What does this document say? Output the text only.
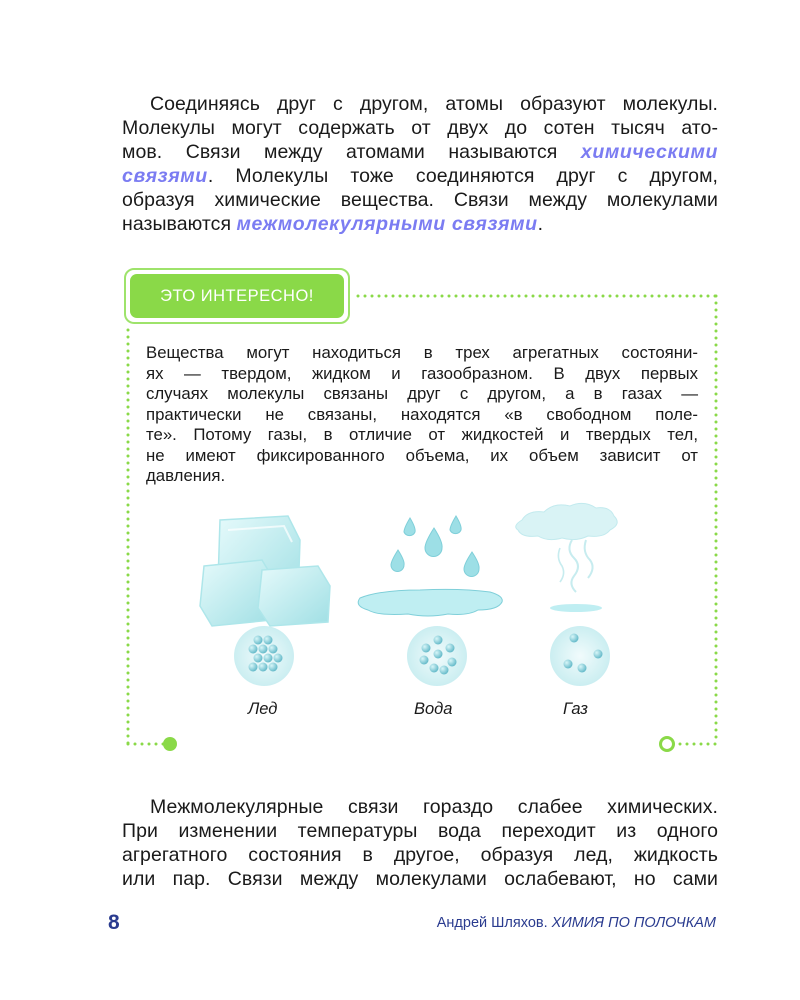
Соединяясь друг с другом, атомы образуют молекулы.
Молекулы могут содержать от двух до сотен тысяч ато-
мов. Связи между атомами называются химическими
связями. Молекулы тоже соединяются друг с другом,
образуя химические вещества. Связи между молекулами
называются межмолекулярными связями.
ЭТО ИНТЕРЕСНО!
Вещества могут находиться в трех агрегатных состояни-
ях — твердом, жидком и газообразном. В двух первых
случаях молекулы связаны друг с другом, а в газах —
практически не связаны, находятся «в свободном поле-
те». Потому газы, в отличие от жидкостей и твердых тел,
не имеют фиксированного объема, их объем зависит от
давления.
Лед	Вода	Газ
Межмолекулярные связи гораздо слабее химических.
При изменении температуры вода переходит из одного
агрегатного состояния в другое, образуя лед, жидкость
или пар. Связи между молекулами ослабевают, но сами
8	Андрей Шляхов. ХИМИЯ ПО ПОЛОЧКАМ
